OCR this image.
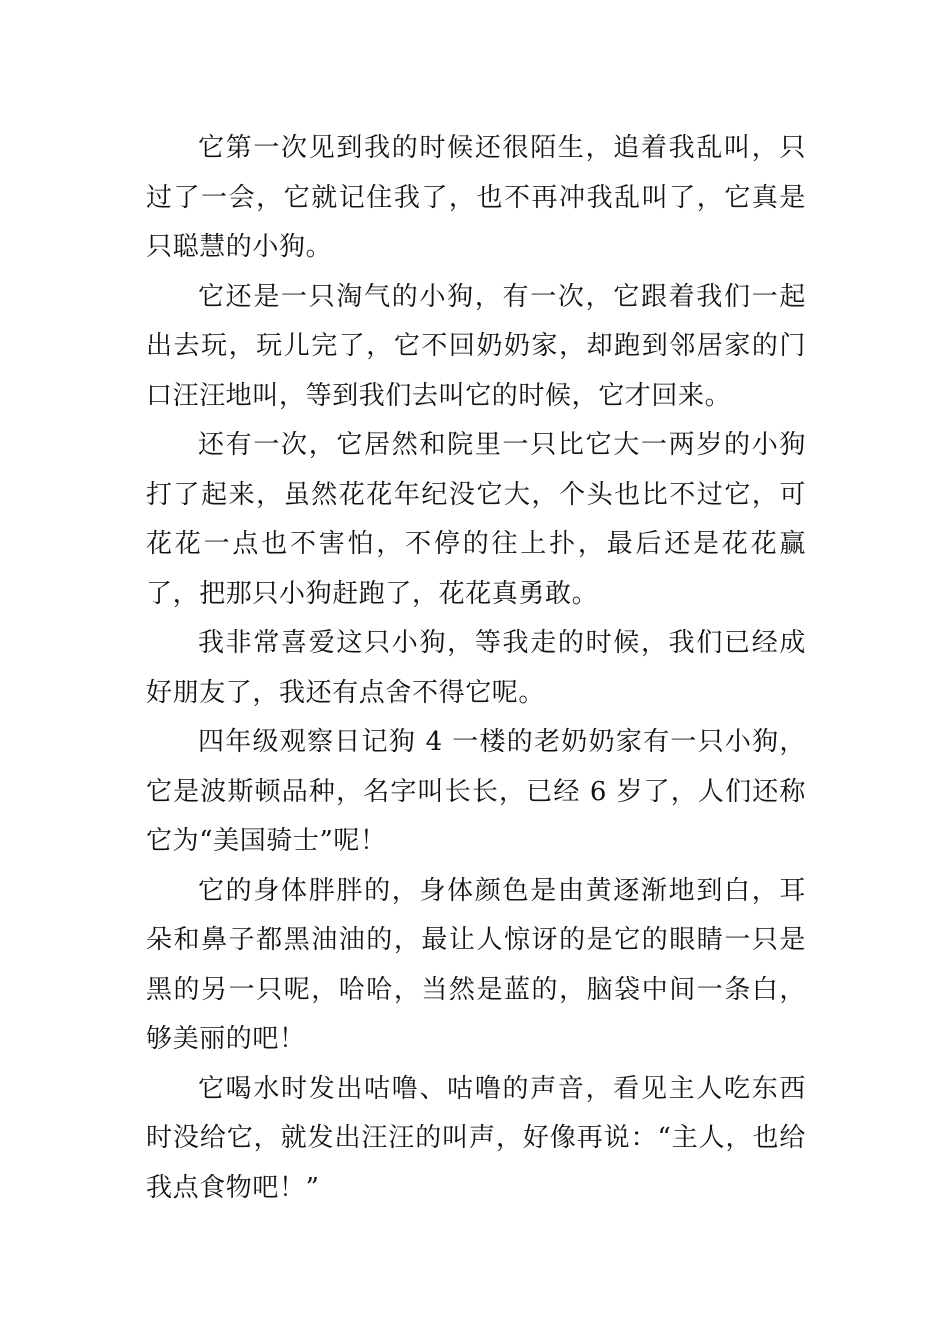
它第一次见到我的时候还很陌生，追着我乱叫，只过了一会，它就记住我了，也不再冲我乱叫了，它真是只聪慧的小狗。

它还是一只淘气的小狗，有一次，它跟着我们一起出去玩，玩儿完了，它不回奶奶家，却跑到邻居家的门口汪汪地叫，等到我们去叫它的时候，它才回来。

还有一次，它居然和院里一只比它大一两岁的小狗打了起来，虽然花花年纪没它大，个头也比不过它，可花花一点也不害怕，不停的往上扑，最后还是花花赢了，把那只小狗赶跑了，花花真勇敢。

我非常喜爱这只小狗，等我走的时候，我们已经成好朋友了，我还有点舍不得它呢。

四年级观察日记狗 4 一楼的老奶奶家有一只小狗，它是波斯顿品种，名字叫长长，已经 6 岁了，人们还称它为“美国骑士”呢！

它的身体胖胖的，身体颜色是由黄逐渐地到白，耳朵和鼻子都黑油油的，最让人惊讶的是它的眼睛一只是黑的另一只呢，哈哈，当然是蓝的，脑袋中间一条白，够美丽的吧！

它喝水时发出咕噜、咕噜的声音，看见主人吃东西时没给它，就发出汪汪的叫声，好像再说：“主人，也给我点食物吧！”
